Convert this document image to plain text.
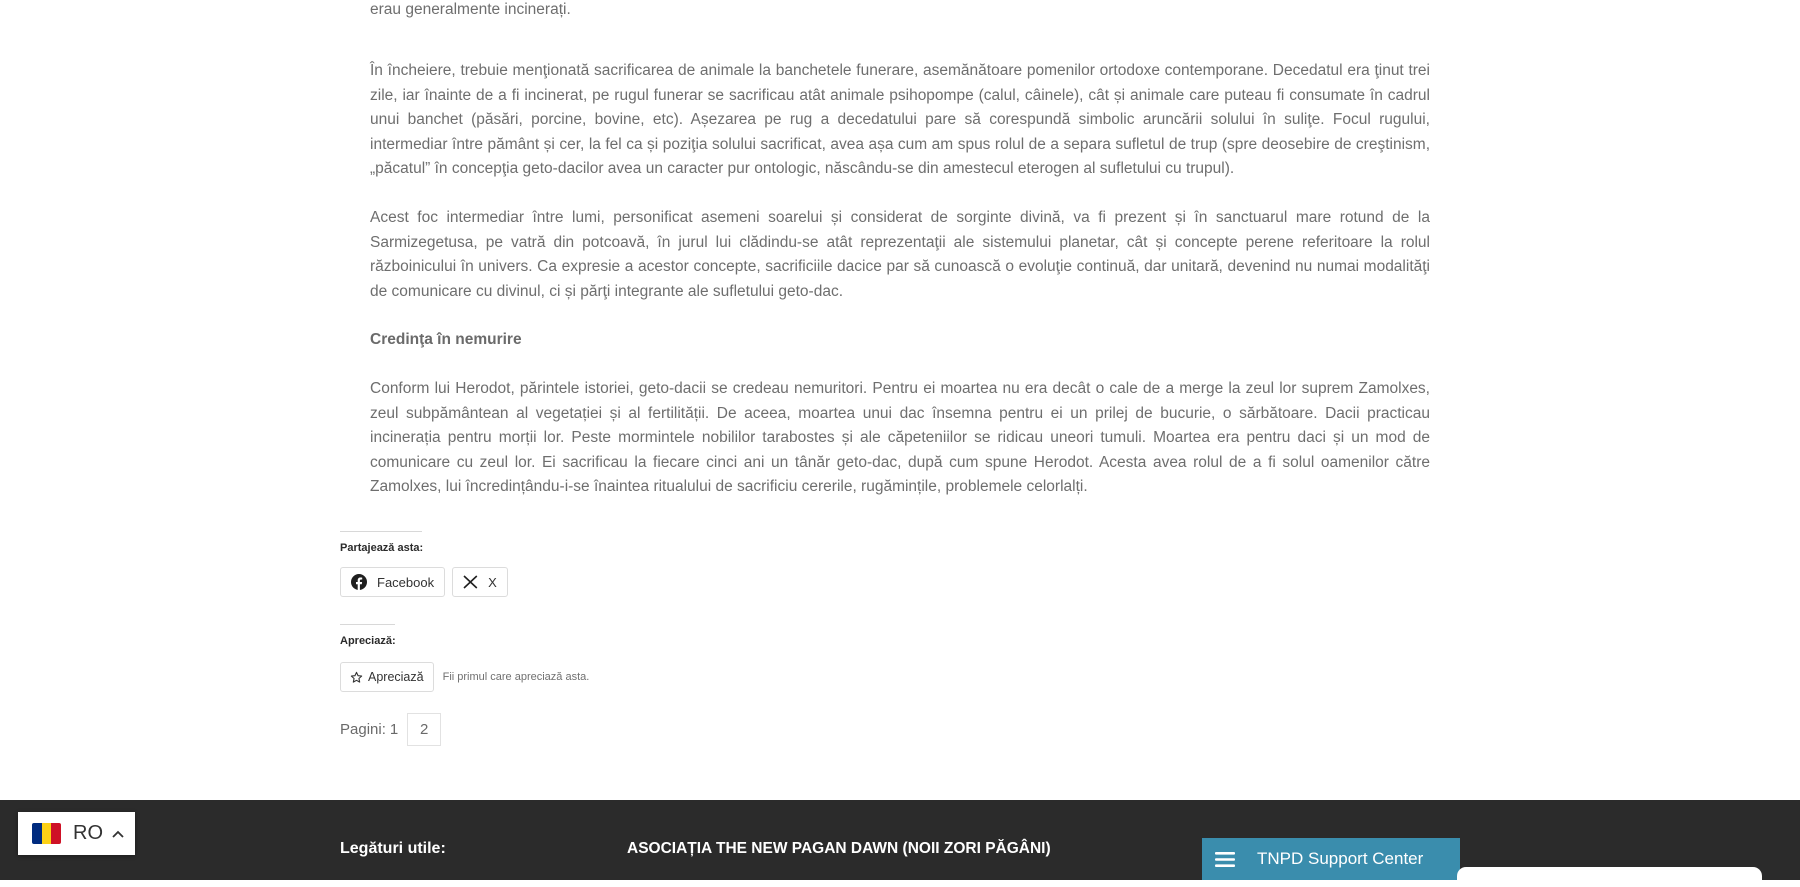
erau generalmente incinerați.

În încheiere, trebuie menţionată sacrificarea de animale la banchetele funerare, asemănătoare pomenilor ortodoxe contemporane. Decedatul era ţinut trei zile, iar înainte de a fi incinerat, pe rugul funerar se sacrificau atât animale psihopompe (calul, câinele), cât și animale care puteau fi consumate în cadrul unui banchet (păsări, porcine, bovine, etc). Așezarea pe rug a decedatului pare să corespundă simbolic aruncării solului în suliţe. Focul rugului, intermediar între pământ și cer, la fel ca și poziţia solului sacrificat, avea așa cum am spus rolul de a separa sufletul de trup (spre deosebire de creştinism, „păcatul” în concepţia geto-dacilor avea un caracter pur ontologic, născându-se din amestecul eterogen al sufletului cu trupul).

Acest foc intermediar între lumi, personificat asemeni soarelui și considerat de sorginte divină, va fi prezent și în sanctuarul mare rotund de la Sarmizegetusa, pe vatră din potcoavă, în jurul lui clădindu-se atât reprezentaţii ale sistemului planetar, cât și concepte perene referitoare la rolul războinicului în univers. Ca expresie a acestor concepte, sacrificiile dacice par să cunoască o evoluţie continuă, dar unitară, devenind nu numai modalităţi de comunicare cu divinul, ci și părţi integrante ale sufletului geto-dac.

Credinţa în nemurire

Conform lui Herodot, părintele istoriei, geto-dacii se credeau nemuritori. Pentru ei moartea nu era decât o cale de a merge la zeul lor suprem Zamolxes, zeul subpământean al vegetației și al fertilității. De aceea, moartea unui dac însemna pentru ei un prilej de bucurie, o sărbătoare. Dacii practicau incinerația pentru morții lor. Peste mormintele nobililor tarabostes și ale căpeteniilor se ridicau uneori tumuli. Moartea era pentru daci și un mod de comunicare cu zeul lor. Ei sacrificau la fiecare cinci ani un tânăr geto-dac, după cum spune Herodot. Acesta avea rolul de a fi solul oamenilor către Zamolxes, lui încredințându-i-se înaintea ritualului de sacrificiu cererile, rugămințile, problemele celorlalți.

Partajează asta:
Facebook	X
Apreciază:
Apreciază Fii primul care apreciază asta.
Pagini: 1	2
Legături utile:	ASOCIAȚIA THE NEW PAGAN DAWN (NOII ZORI PĂGÂNI)
TNPD Support Center
RO
